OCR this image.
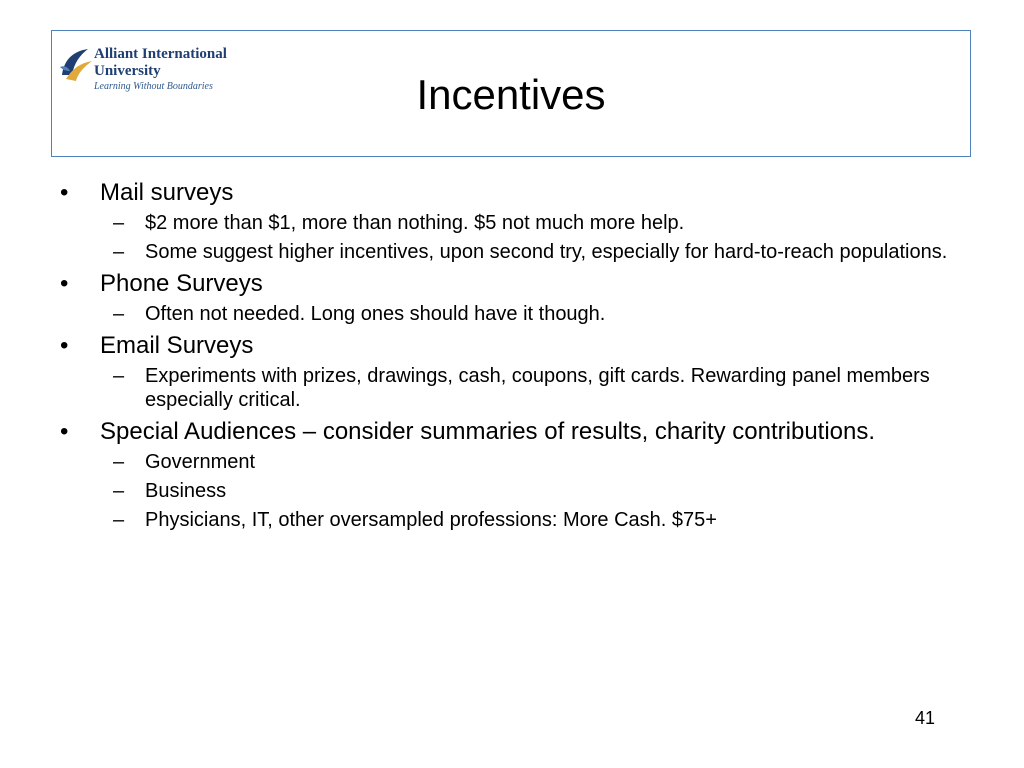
Alliant International
University
Learning Without Boundaries	Incentives
•	Mail surveys
– $2 more than $1, more than nothing. $5 not much more help.
– Some suggest higher incentives, upon second try, especially for hard-to-reach populations.
•	Phone Surveys
– Often not needed. Long ones should have it though.
•	Email Surveys
– Experiments with prizes, drawings, cash, coupons, gift cards. Rewarding panel members especially critical.
•	Special Audiences – consider summaries of results, charity contributions.
– Government
– Business
– Physicians, IT, other oversampled professions: More Cash. $75+
41
